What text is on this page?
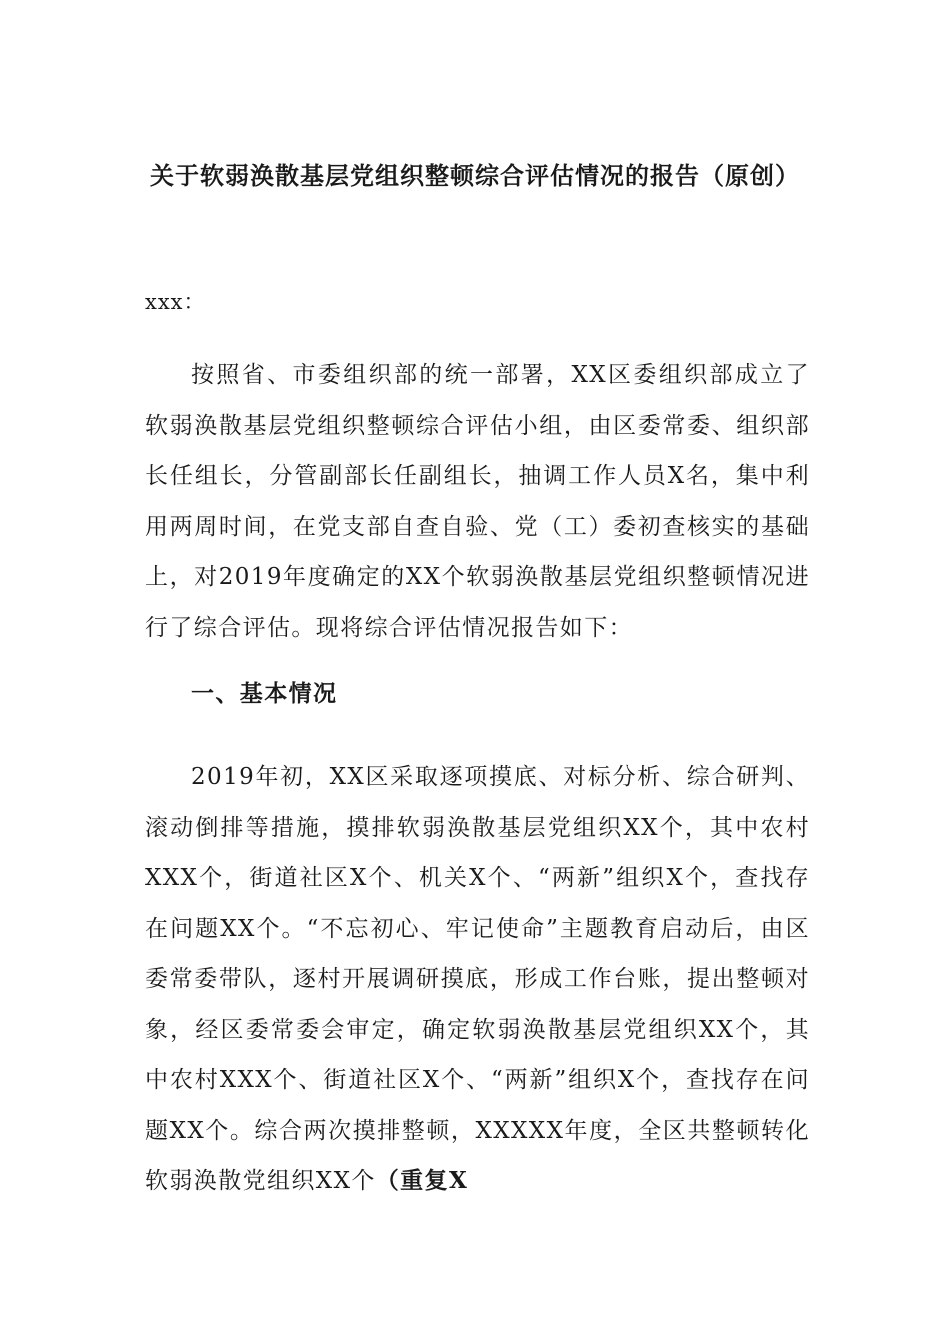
关于软弱涣散基层党组织整顿综合评估情况的报告（原创）
xxx：

按照省、市委组织部的统一部署，XX区委组织部成立了软弱涣散基层党组织整顿综合评估小组，由区委常委、组织部长任组长，分管副部长任副组长，抽调工作人员X名，集中利用两周时间，在党支部自查自验、党（工）委初查核实的基础上，对2019年度确定的XX个软弱涣散基层党组织整顿情况进行了综合评估。现将综合评估情况报告如下：

一、基本情况

2019年初，XX区采取逐项摸底、对标分析、综合研判、滚动倒排等措施，摸排软弱涣散基层党组织XX个，其中农村XXX个，街道社区X个、机关X个、“两新”组织X个，查找存在问题XX个。“不忘初心、牢记使命”主题教育启动后，由区委常委带队，逐村开展调研摸底，形成工作台账，提出整顿对象，经区委常委会审定，确定软弱涣散基层党组织XX个，其中农村XXX个、街道社区X个、“两新”组织X个，查找存在问题XX个。综合两次摸排整顿，XXXXX年度，全区共整顿转化软弱涣散党组织XX个（重复X
